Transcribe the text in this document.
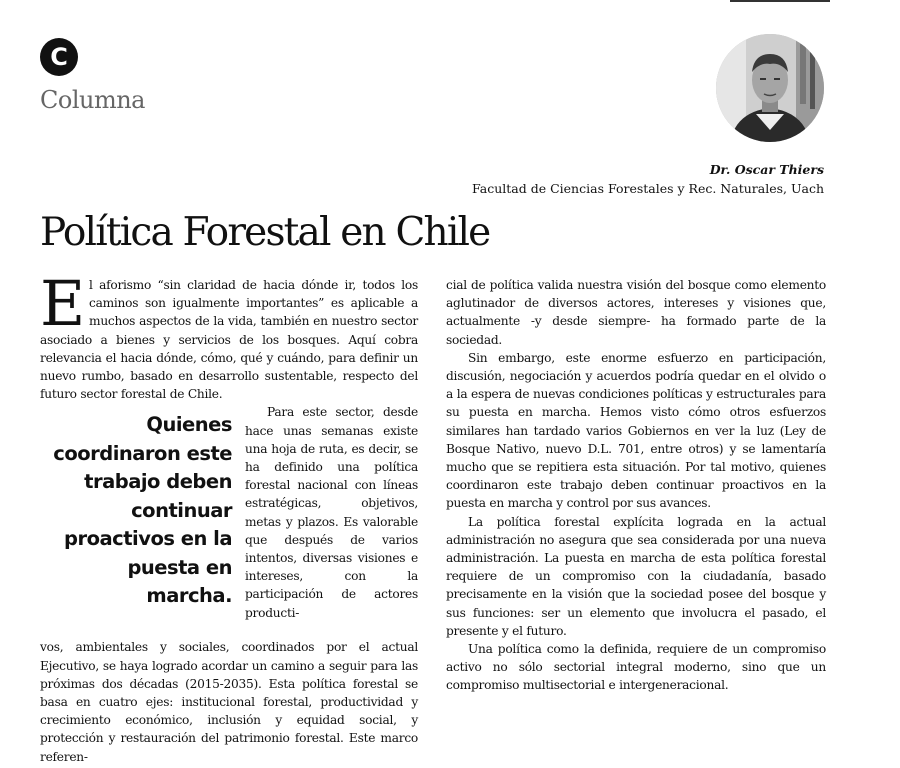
C
Columna
Dr. Oscar Thiers
Facultad de Ciencias Forestales y Rec. Naturales, Uach
Política Forestal en Chile

El aforismo “sin claridad de hacia dónde ir, todos los caminos son igualmente importantes” es aplicable a muchos aspectos de la vida, también en nuestro sector asociado a bienes y servicios de los bosques. Aquí cobra relevancia el hacia dónde, cómo, qué y cuándo, para definir un nuevo rumbo, basado en desarrollo sustentable, respecto del futuro sector forestal de Chile.

Quienes coordinaron este trabajo deben continuar proactivos en la puesta en marcha.

Para este sector, desde hace unas semanas existe una hoja de ruta, es decir, se ha definido una política forestal nacional con líneas estratégicas, objetivos, metas y plazos. Es valorable que después de varios intentos, diversas visiones e intereses, con la participación de actores producti-

vos, ambientales y sociales, coordinados por el actual Ejecutivo, se haya logrado acordar un camino a seguir para las próximas dos décadas (2015-2035). Esta política forestal se basa en cuatro ejes: institucional forestal, productividad y crecimiento económico, inclusión y equidad social, y protección y restauración del patrimonio forestal. Este marco referen-

cial de política valida nuestra visión del bosque como elemento aglutinador de diversos actores, intereses y visiones que, actualmente -y desde siempre- ha formado parte de la sociedad.

Sin embargo, este enorme esfuerzo en participación, discusión, negociación y acuerdos podría quedar en el olvido o a la espera de nuevas condiciones políticas y estructurales para su puesta en marcha. Hemos visto cómo otros esfuerzos similares han tardado varios Gobiernos en ver la luz (Ley de Bosque Nativo, nuevo D.L. 701, entre otros) y se lamentaría mucho que se repitiera esta situación. Por tal motivo, quienes coordinaron este trabajo deben continuar proactivos en la puesta en marcha y control por sus avances.

La política forestal explícita lograda en la actual administración no asegura que sea considerada por una nueva administración. La puesta en marcha de esta política forestal requiere de un compromiso con la ciudadanía, basado precisamente en la visión que la sociedad posee del bosque y sus funciones: ser un elemento que involucra el pasado, el presente y el futuro.

Una política como la definida, requiere de un compromiso activo no sólo sectorial integral moderno, sino que un compromiso multisectorial e intergeneracional.
